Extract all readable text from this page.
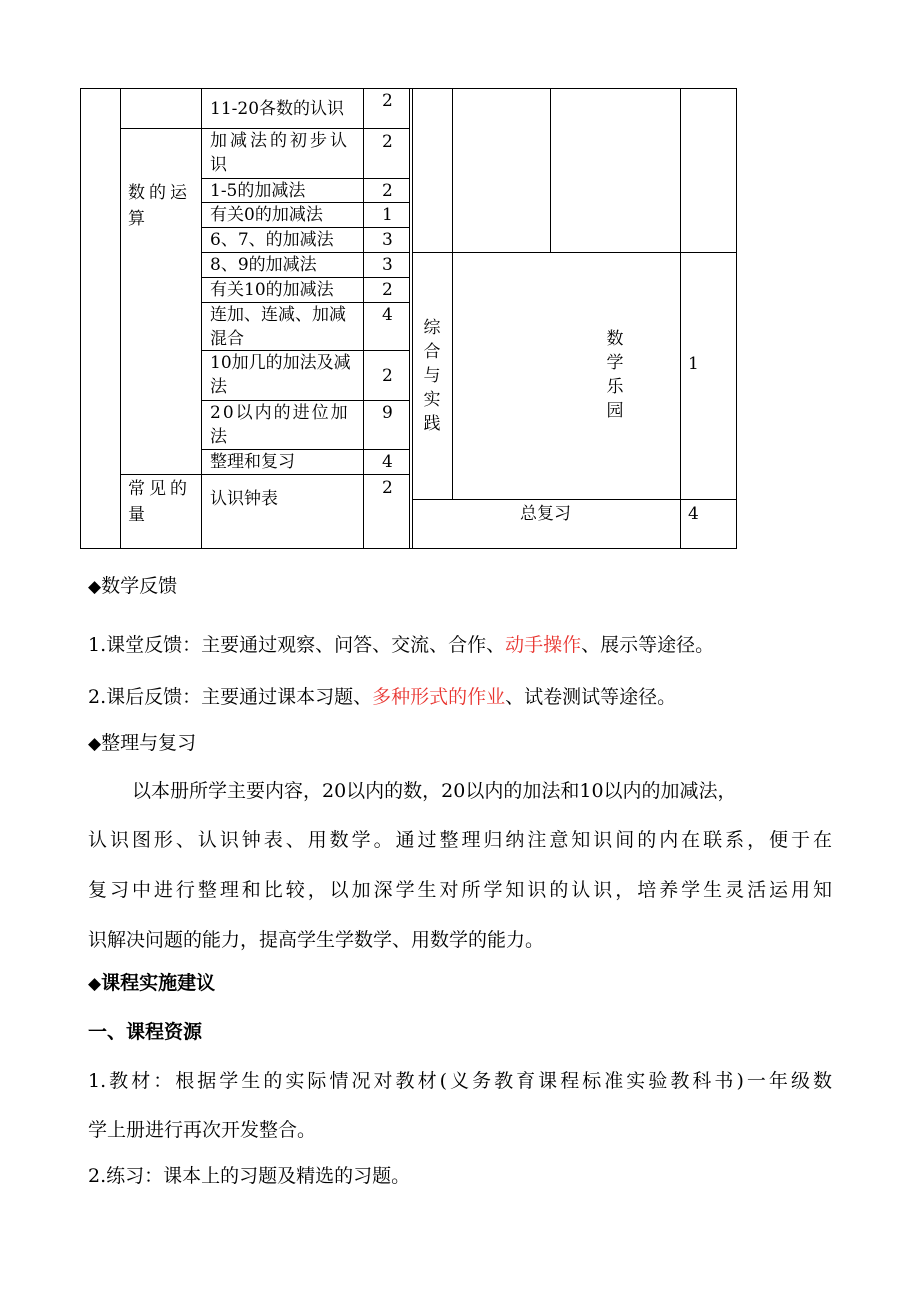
数的运算
常见的量
11-20各数的认识
加减法的初步认识
1-5的加减法
有关0的加减法
6、7、的加减法
8、9的加减法
有关10的加减法
连加、连减、加减混合
10加几的加法及减法
20以内的进位加法
整理和复习
认识钟表
2
2
2
1
3
3
2
4
2
9
4
2
综合与实践
数学乐园
1
总复习	4
◆数学反馈
1.课堂反馈：主要通过观察、问答、交流、合作、动手操作、展示等途径。
2.课后反馈：主要通过课本习题、多种形式的作业、试卷测试等途径。
◆整理与复习
以本册所学主要内容，20以内的数，20以内的加法和10以内的加减法，
认识图形、认识钟表、用数学。通过整理归纳注意知识间的内在联系，便于在
复习中进行整理和比较，以加深学生对所学知识的认识，培养学生灵活运用知
识解决问题的能力，提高学生学数学、用数学的能力。
◆课程实施建议
一、课程资源
1.教材：根据学生的实际情况对教材(义务教育课程标准实验教科书)一年级数
学上册进行再次开发整合。
2.练习：课本上的习题及精选的习题。
